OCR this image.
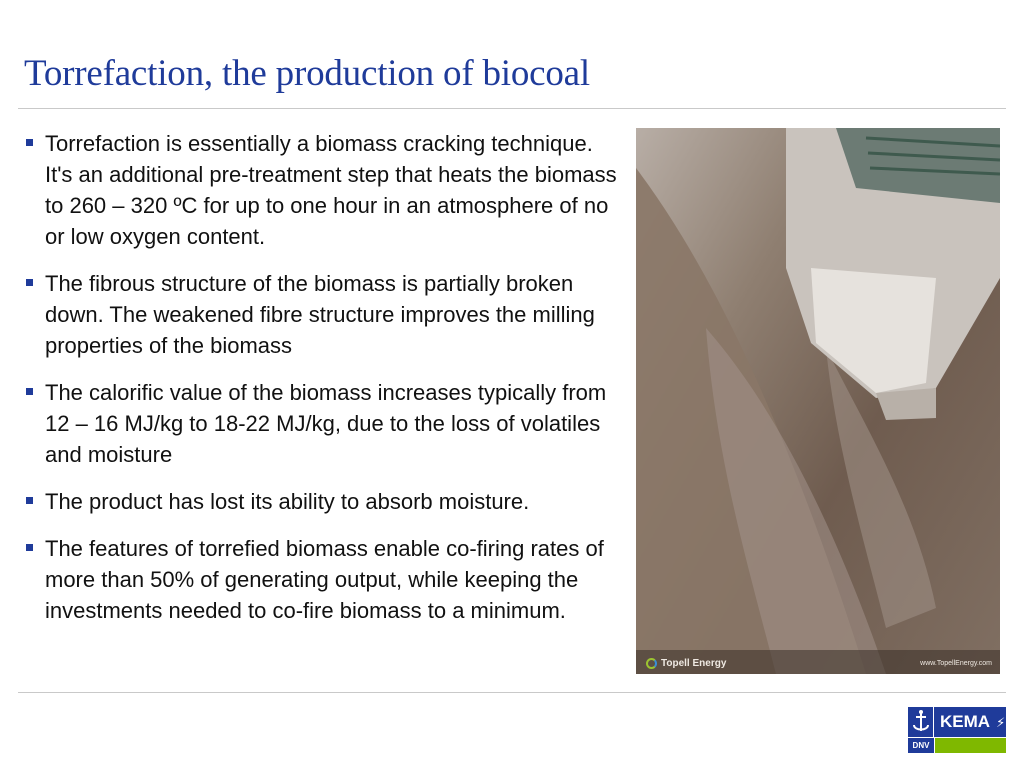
Torrefaction, the production of biocoal
Torrefaction is essentially a biomass cracking technique. It's an additional pre-treatment step that heats the biomass to 260 – 320 ºC for up to one hour in an atmosphere of no or low oxygen content.
The fibrous structure of the biomass is partially broken down. The weakened fibre structure improves the milling properties of the biomass
The calorific value of the biomass increases typically from 12 – 16 MJ/kg to 18-22 MJ/kg, due to the loss of volatiles and moisture
The product has lost its ability to absorb moisture.
The features of torrefied biomass enable co-firing rates of more than 50% of generating output, while keeping the investments needed to co-fire biomass to a minimum.
Topell Energy	www.TopellEnergy.com
KEMA ⚡
DNV
